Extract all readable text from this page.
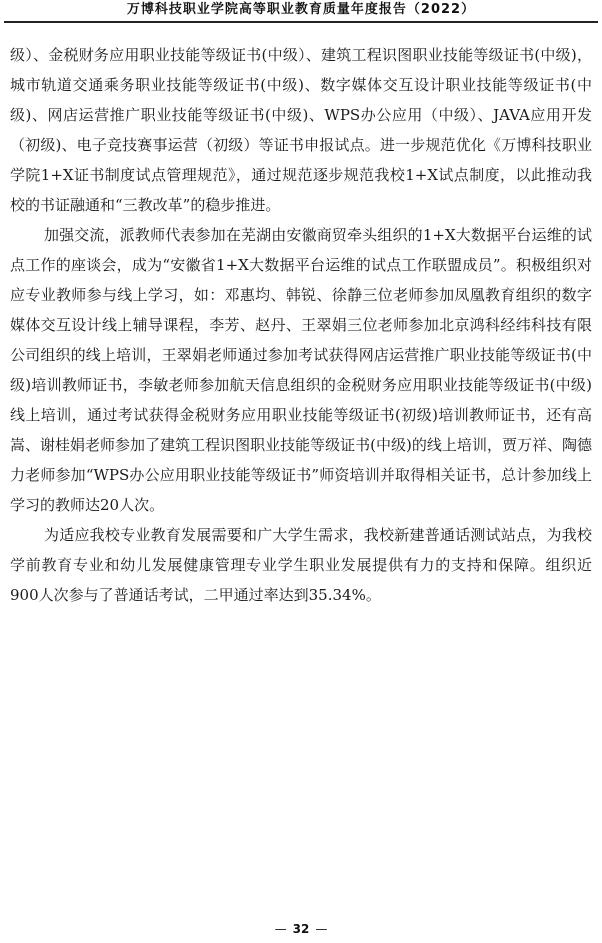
万博科技职业学院高等职业教育质量年度报告（2022）

级）、金税财务应用职业技能等级证书(中级）、建筑工程识图职业技能等级证书(中级)，城市轨道交通乘务职业技能等级证书(中级)、数字媒体交互设计职业技能等级证书(中级)、网店运营推广职业技能等级证书(中级)、WPS办公应用（中级）、JAVA应用开发（初级)、电子竞技赛事运营（初级）等证书申报试点。进一步规范优化《万博科技职业学院1+X证书制度试点管理规范》，通过规范逐步规范我校1+X试点制度，以此推动我校的书证融通和“三教改革”的稳步推进。

加强交流，派教师代表参加在芜湖由安徽商贸牵头组织的1+X大数据平台运维的试点工作的座谈会，成为“安徽省1+X大数据平台运维的试点工作联盟成员”。积极组织对应专业教师参与线上学习，如：邓惠均、韩锐、徐静三位老师参加凤凰教育组织的数字媒体交互设计线上辅导课程，李芳、赵丹、王翠娟三位老师参加北京鸿科经纬科技有限公司组织的线上培训，王翠娟老师通过参加考试获得网店运营推广职业技能等级证书(中级)培训教师证书，李敏老师参加航天信息组织的金税财务应用职业技能等级证书(中级)线上培训，通过考试获得金税财务应用职业技能等级证书(初级)培训教师证书，还有高嵩、谢桂娟老师参加了建筑工程识图职业技能等级证书(中级)的线上培训，贾万祥、陶德力老师参加“WPS办公应用职业技能等级证书”师资培训并取得相关证书，总计参加线上学习的教师达20人次。

为适应我校专业教育发展需要和广大学生需求，我校新建普通话测试站点，为我校学前教育专业和幼儿发展健康管理专业学生职业发展提供有力的支持和保障。组织近900人次参与了普通话考试，二甲通过率达到35.34%。

— 32 —
